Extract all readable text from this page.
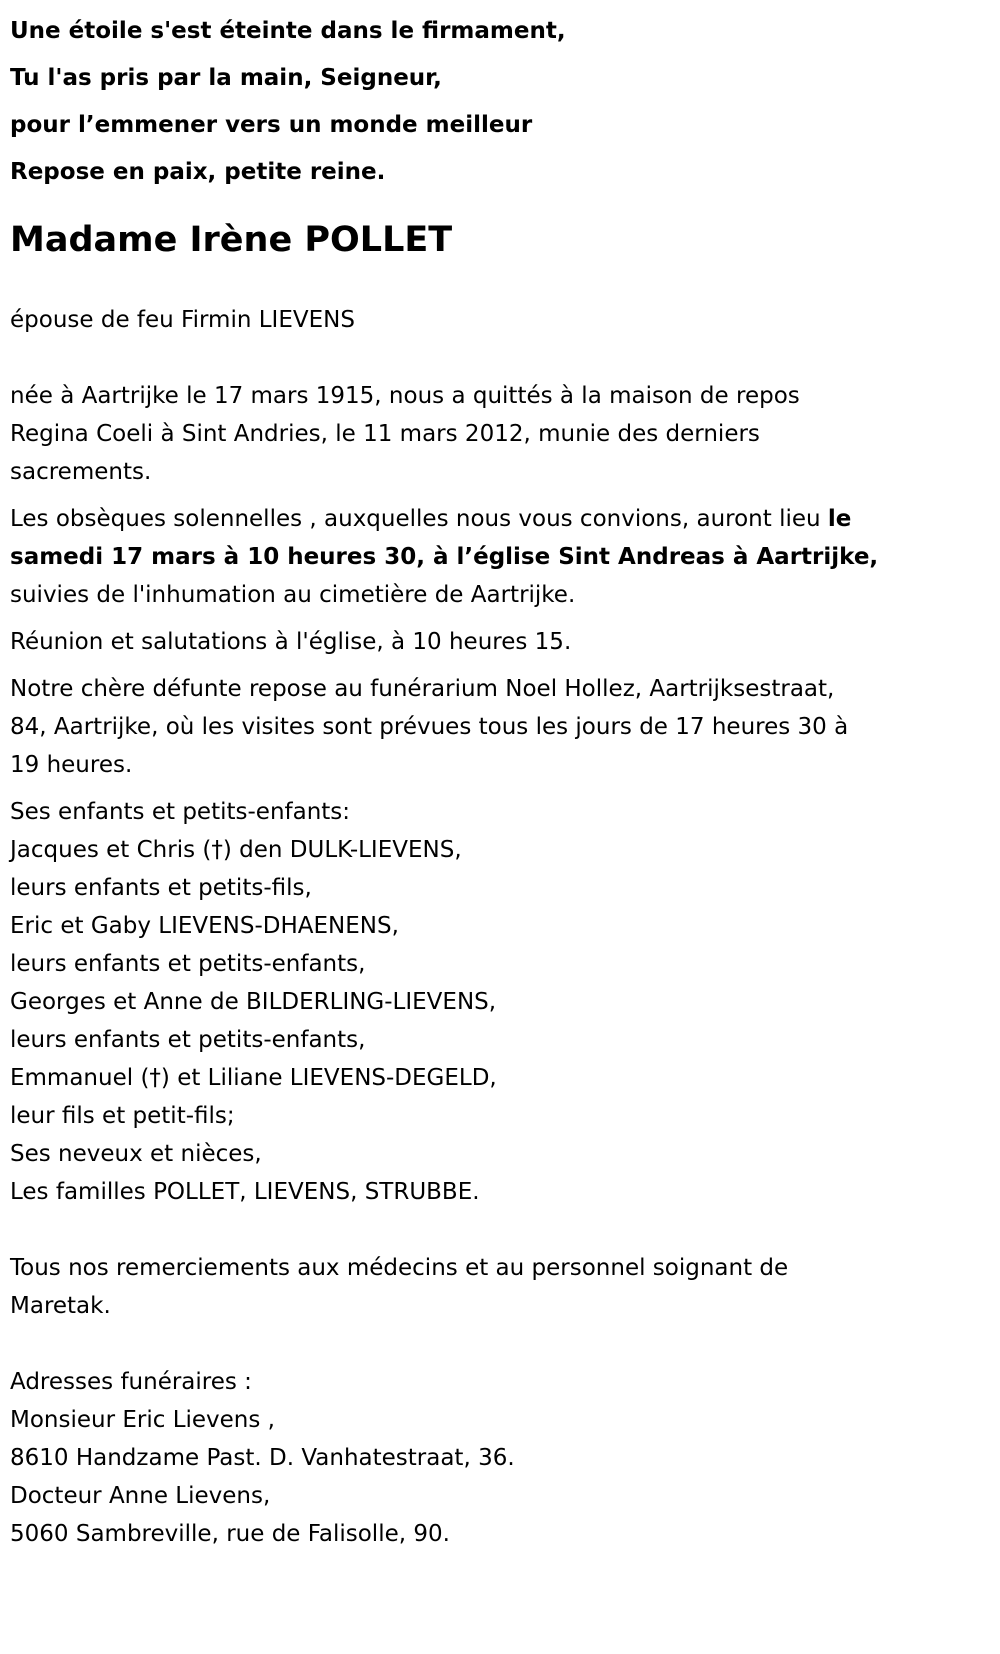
Une étoile s'est éteinte dans le firmament,
Tu l'as pris par la main, Seigneur,
pour l’emmener vers un monde meilleur
Repose en paix, petite reine.
Madame Irène POLLET
épouse de feu Firmin LIEVENS
née à Aartrijke le 17 mars 1915, nous a quittés à la maison de repos
Regina Coeli à Sint Andries, le 11 mars 2012, munie des derniers
sacrements.
Les obsèques solennelles , auxquelles nous vous convions, auront lieu le
samedi 17 mars à 10 heures 30, à l’église Sint Andreas à Aartrijke,
suivies de l'inhumation au cimetière de Aartrijke.
Réunion et salutations à l'église, à 10 heures 15.
Notre chère défunte repose au funérarium Noel Hollez, Aartrijksestraat,
84, Aartrijke, où les visites sont prévues tous les jours de 17 heures 30 à
19 heures.
Ses enfants et petits-enfants:
Jacques et Chris (†) den DULK-LIEVENS,
leurs enfants et petits-fils,
Eric et Gaby LIEVENS-DHAENENS,
leurs enfants et petits-enfants,
Georges et Anne de BILDERLING-LIEVENS,
leurs enfants et petits-enfants,
Emmanuel (†) et Liliane LIEVENS-DEGELD,
leur fils et petit-fils;
Ses neveux et nièces,
Les familles POLLET, LIEVENS, STRUBBE.
Tous nos remerciements aux médecins et au personnel soignant de
Maretak.
Adresses funéraires :
Monsieur Eric Lievens ,
8610 Handzame Past. D. Vanhatestraat, 36.
Docteur Anne Lievens,
5060 Sambreville, rue de Falisolle, 90.
